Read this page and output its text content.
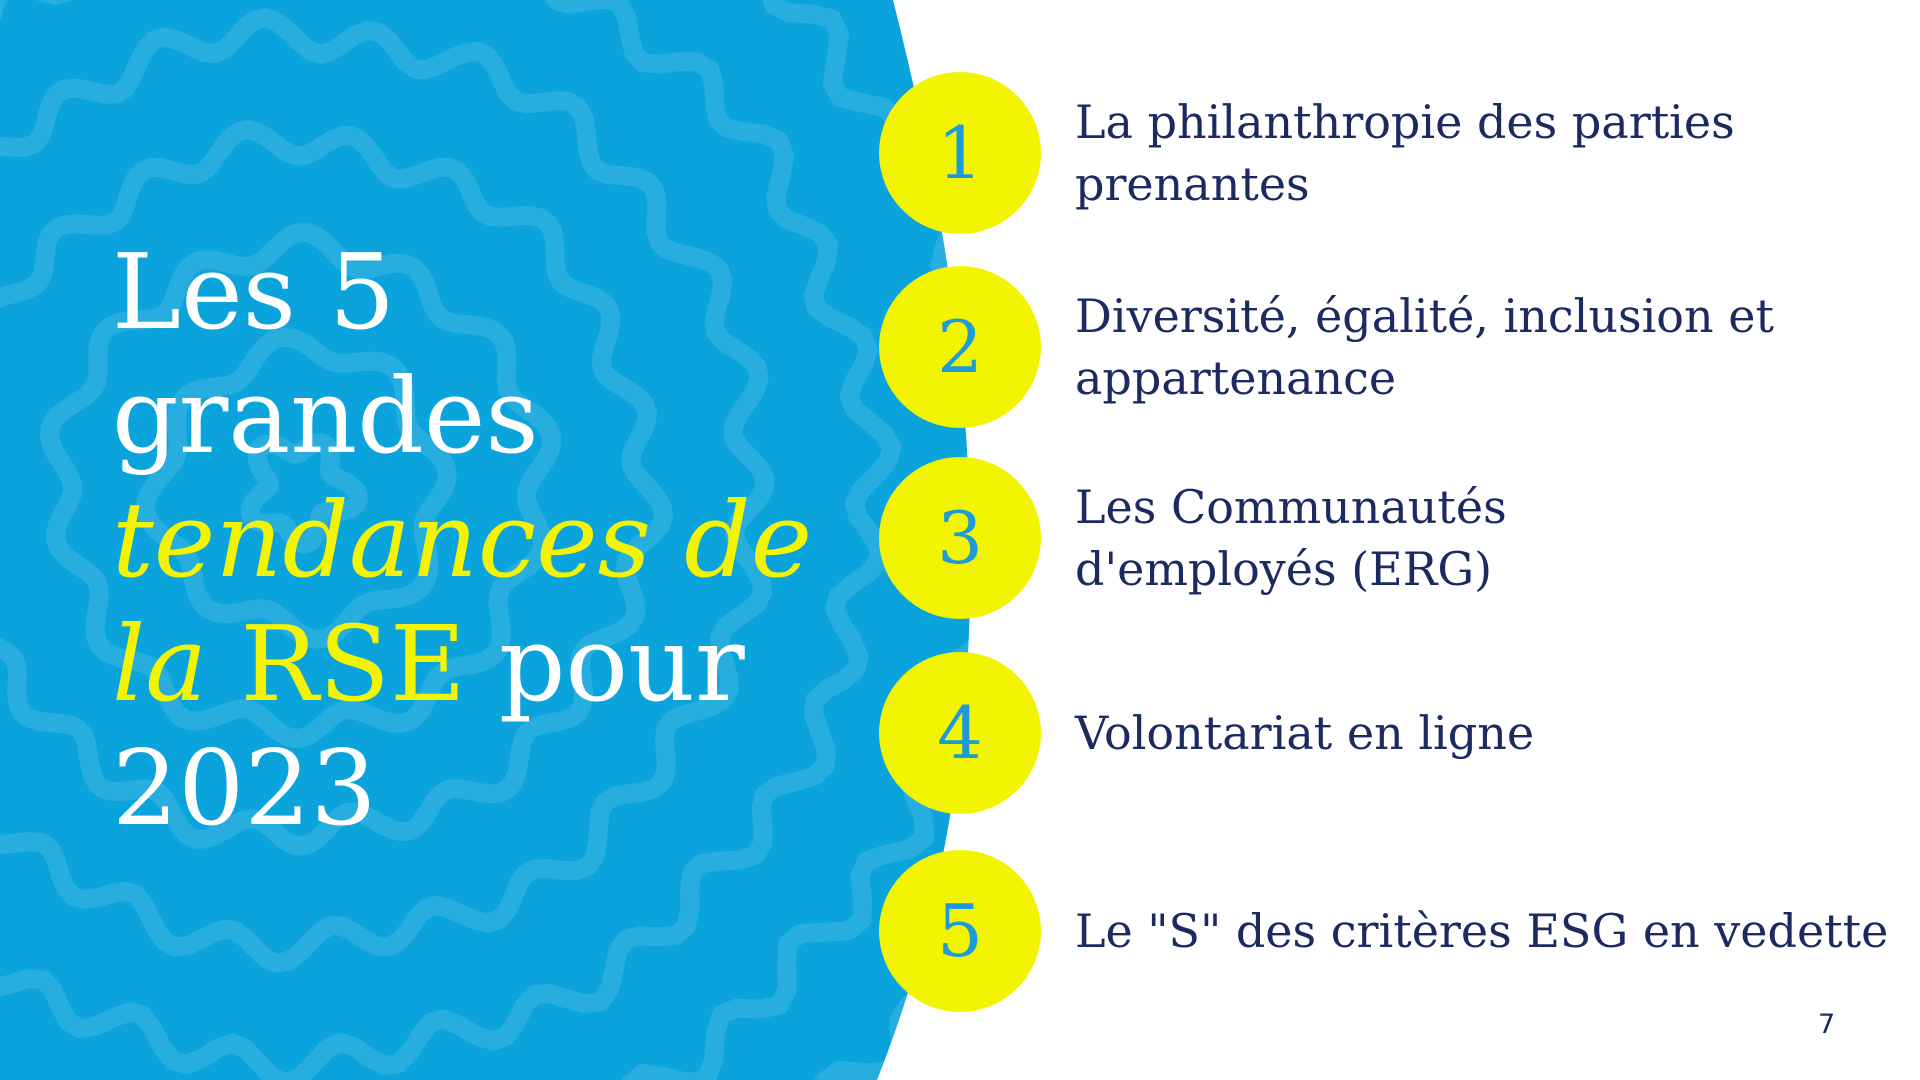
Les 5
grandes
tendances de
la RSE pour
2023
1 La philanthropie des parties prenantes
2 Diversité, égalité, inclusion et appartenance
3 Les Communautés d'employés (ERG)
4 Volontariat en ligne
5 Le "S" des critères ESG en vedette
7
